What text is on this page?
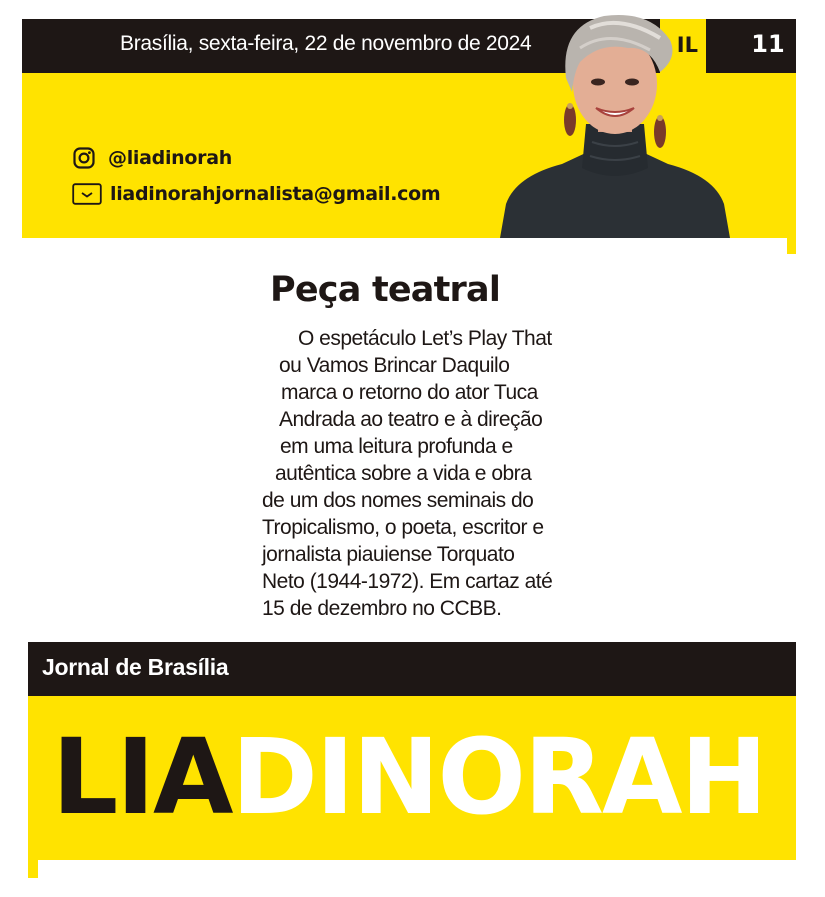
Brasília, sexta-feira, 22 de novembro de 2024	IL 11
@liadinorah
liadinorahjornalista@gmail.com
Peça teatral
O espetáculo Let’s Play That
ou Vamos Brincar Daquilo
marca o retorno do ator Tuca
Andrada ao teatro e à direção
em uma leitura profunda e
autêntica sobre a vida e obra
de um dos nomes seminais do
Tropicalismo, o poeta, escritor e
jornalista piauiense Torquato
Neto (1944-1972). Em cartaz até
15 de dezembro no CCBB.
Jornal de Brasília
LIADINORAH
